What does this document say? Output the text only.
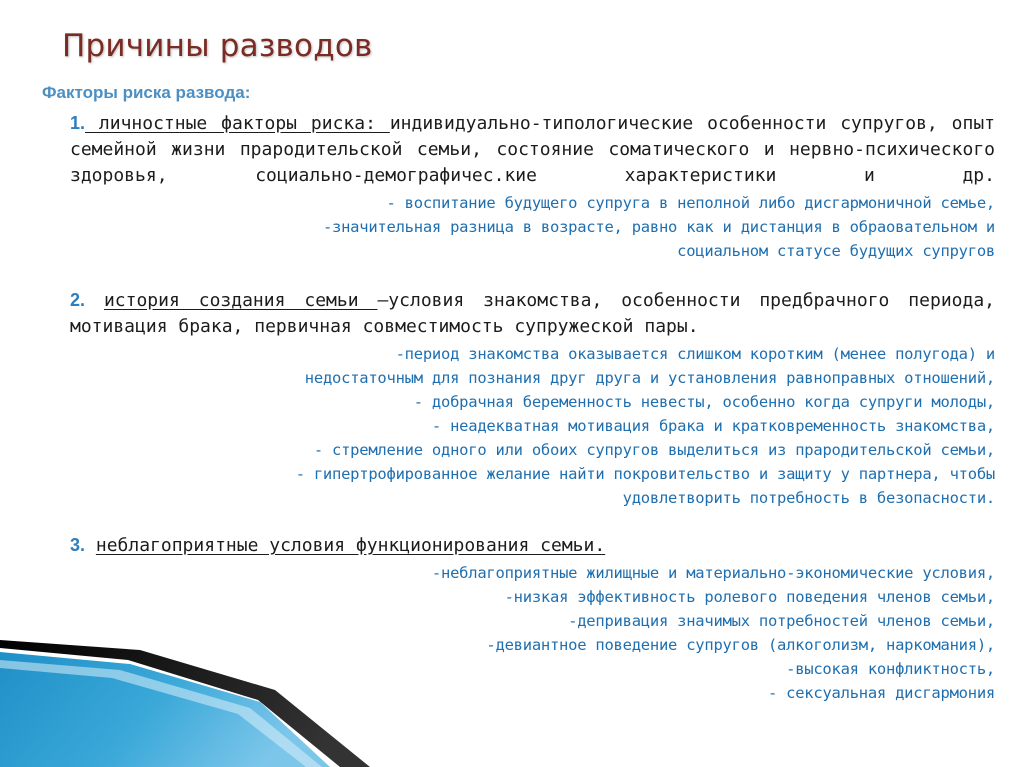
Причины разводов
Факторы риска развода:

1. личностные факторы риска: индивидуально-типологические особенности супругов, опыт семейной жизни прародительской семьи, состояние соматического и нервно-психического здоровья, социально-демографичес.кие характеристики и др.

- воспитание будущего супруга в неполной либо дисгармоничной семье,
-значительная разница в возрасте, равно как и дистанция в обраовательном и
социальном статусе будущих супругов

2. история создания семьи —условия знакомства, особенности предбрачного периода, мотивация брака, первичная совместимость супружеской пары.

-период знакомства оказывается слишком коротким (менее полугода) и
недостаточным для познания друг друга и установления равноправных отношений,
- добрачная беременность невесты, особенно когда супруги молоды,
- неадекватная мотивация брака и кратковременность знакомства,
- стремление одного или обоих супругов выделиться из прародительской семьи,
- гипертрофированное желание найти покровительство и защиту у партнера, чтобы
удовлетворить потребность в безопасности.

3. неблагоприятные условия функционирования семьи.

-неблагоприятные жилищные и материально-экономические условия,
-низкая эффективность ролевого поведения членов семьи,
-депривация значимых потребностей членов семьи,
-девиантное поведение супругов (алкоголизм, наркомания),
-высокая конфликтность,
- сексуальная дисгармония
